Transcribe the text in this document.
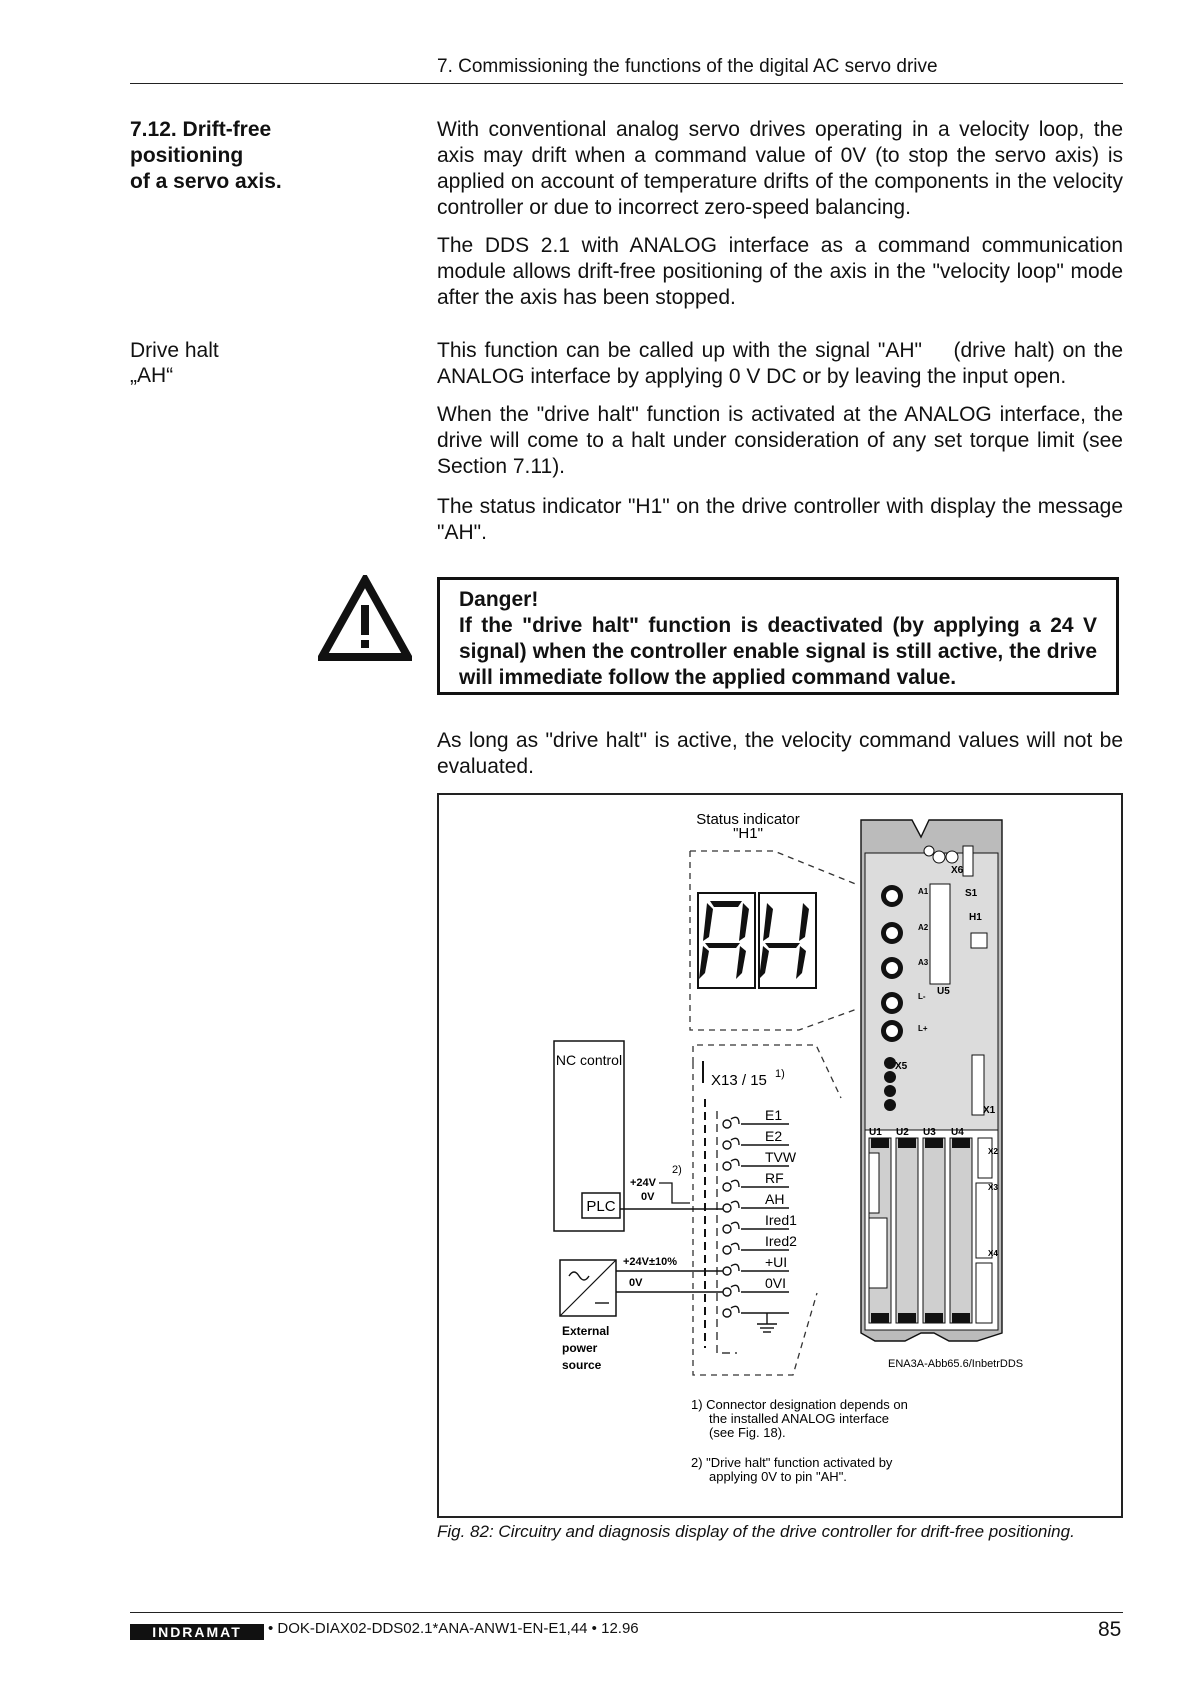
7. Commissioning the functions of the digital AC servo drive
7.12. Drift-free
positioning
of a servo axis.
With conventional analog servo drives operating in a velocity loop, the axis may drift when a command value of 0V (to stop the servo axis) is applied on account of temperature drifts of the components in the velocity controller or due to incorrect zero-speed balancing.
The DDS 2.1 with ANALOG interface as a command communication module allows drift-free positioning of the axis in the "velocity loop" mode after the axis has been stopped.
Drive halt
„AH“
This function can be called up with the signal "AH"    (drive halt) on the ANALOG interface by applying 0 V DC or by leaving the input open.
When the "drive halt" function is activated at the ANALOG interface, the drive will come to a halt under consideration of any set torque limit (see Section 7.11).
The status indicator "H1" on the drive controller with display the message "AH".
Danger!
If the "drive halt" function is deactivated (by applying a 24 V signal) when the controller enable signal is still active, the drive will immediate follow the applied command value.
As long as "drive halt" is active, the velocity command values will not be evaluated.
Status indicator
"H1"
AH
NC control
PLC
+24V
0V
2)
X13 / 15 1)
E1
E2
TVW
RF
AH
Ired1
Ired2
+UI
0VI
+24V±10%
0V
External
power
source
X6
S1
H1
A1
A2
A3
L-
L+
U5
X5
X1
U1 U2 U3 U4
X2
X3
X4
ENA3A-Abb65.6/InbetrDDS
1) Connector designation depends on
the installed ANALOG interface
(see Fig. 18).
2) "Drive halt" function activated by
applying 0V to pin "AH".
Fig. 82: Circuitry and diagnosis display of the drive controller for drift-free positioning.
INDRAMAT • DOK-DIAX02-DDS02.1*ANA-ANW1-EN-E1,44 • 12.96	85
